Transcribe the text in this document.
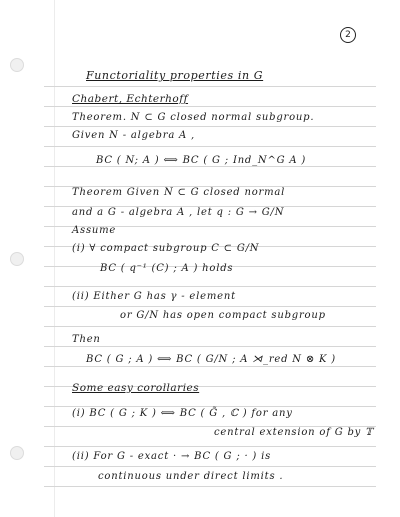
2
Functoriality properties in G
Chabert, Echterhoff
Theorem. N ⊂ G closed normal subgroup.
Given N - algebra A ,
BC ( N; A ) ⟺ BC ( G ; Ind_N^G A )
Theorem Given N ⊂ G closed normal
and a G - algebra A , let q : G → G/N
Assume
(i) ∀ compact subgroup C ⊂ G/N
BC ( q⁻¹ (C) ; A ) holds
(ii) Either G has γ - element
or G/N has open compact subgroup
Then
BC ( G ; A ) ⟺ BC ( G/N ; A ⋊_red N ⊗ K )
Some easy corollaries
(i) BC ( G ; K ) ⟺ BC ( G̃ , ℂ ) for any
central extension of G by 𝕋
(ii) For G - exact · → BC ( G ; · ) is
continuous under direct limits .
